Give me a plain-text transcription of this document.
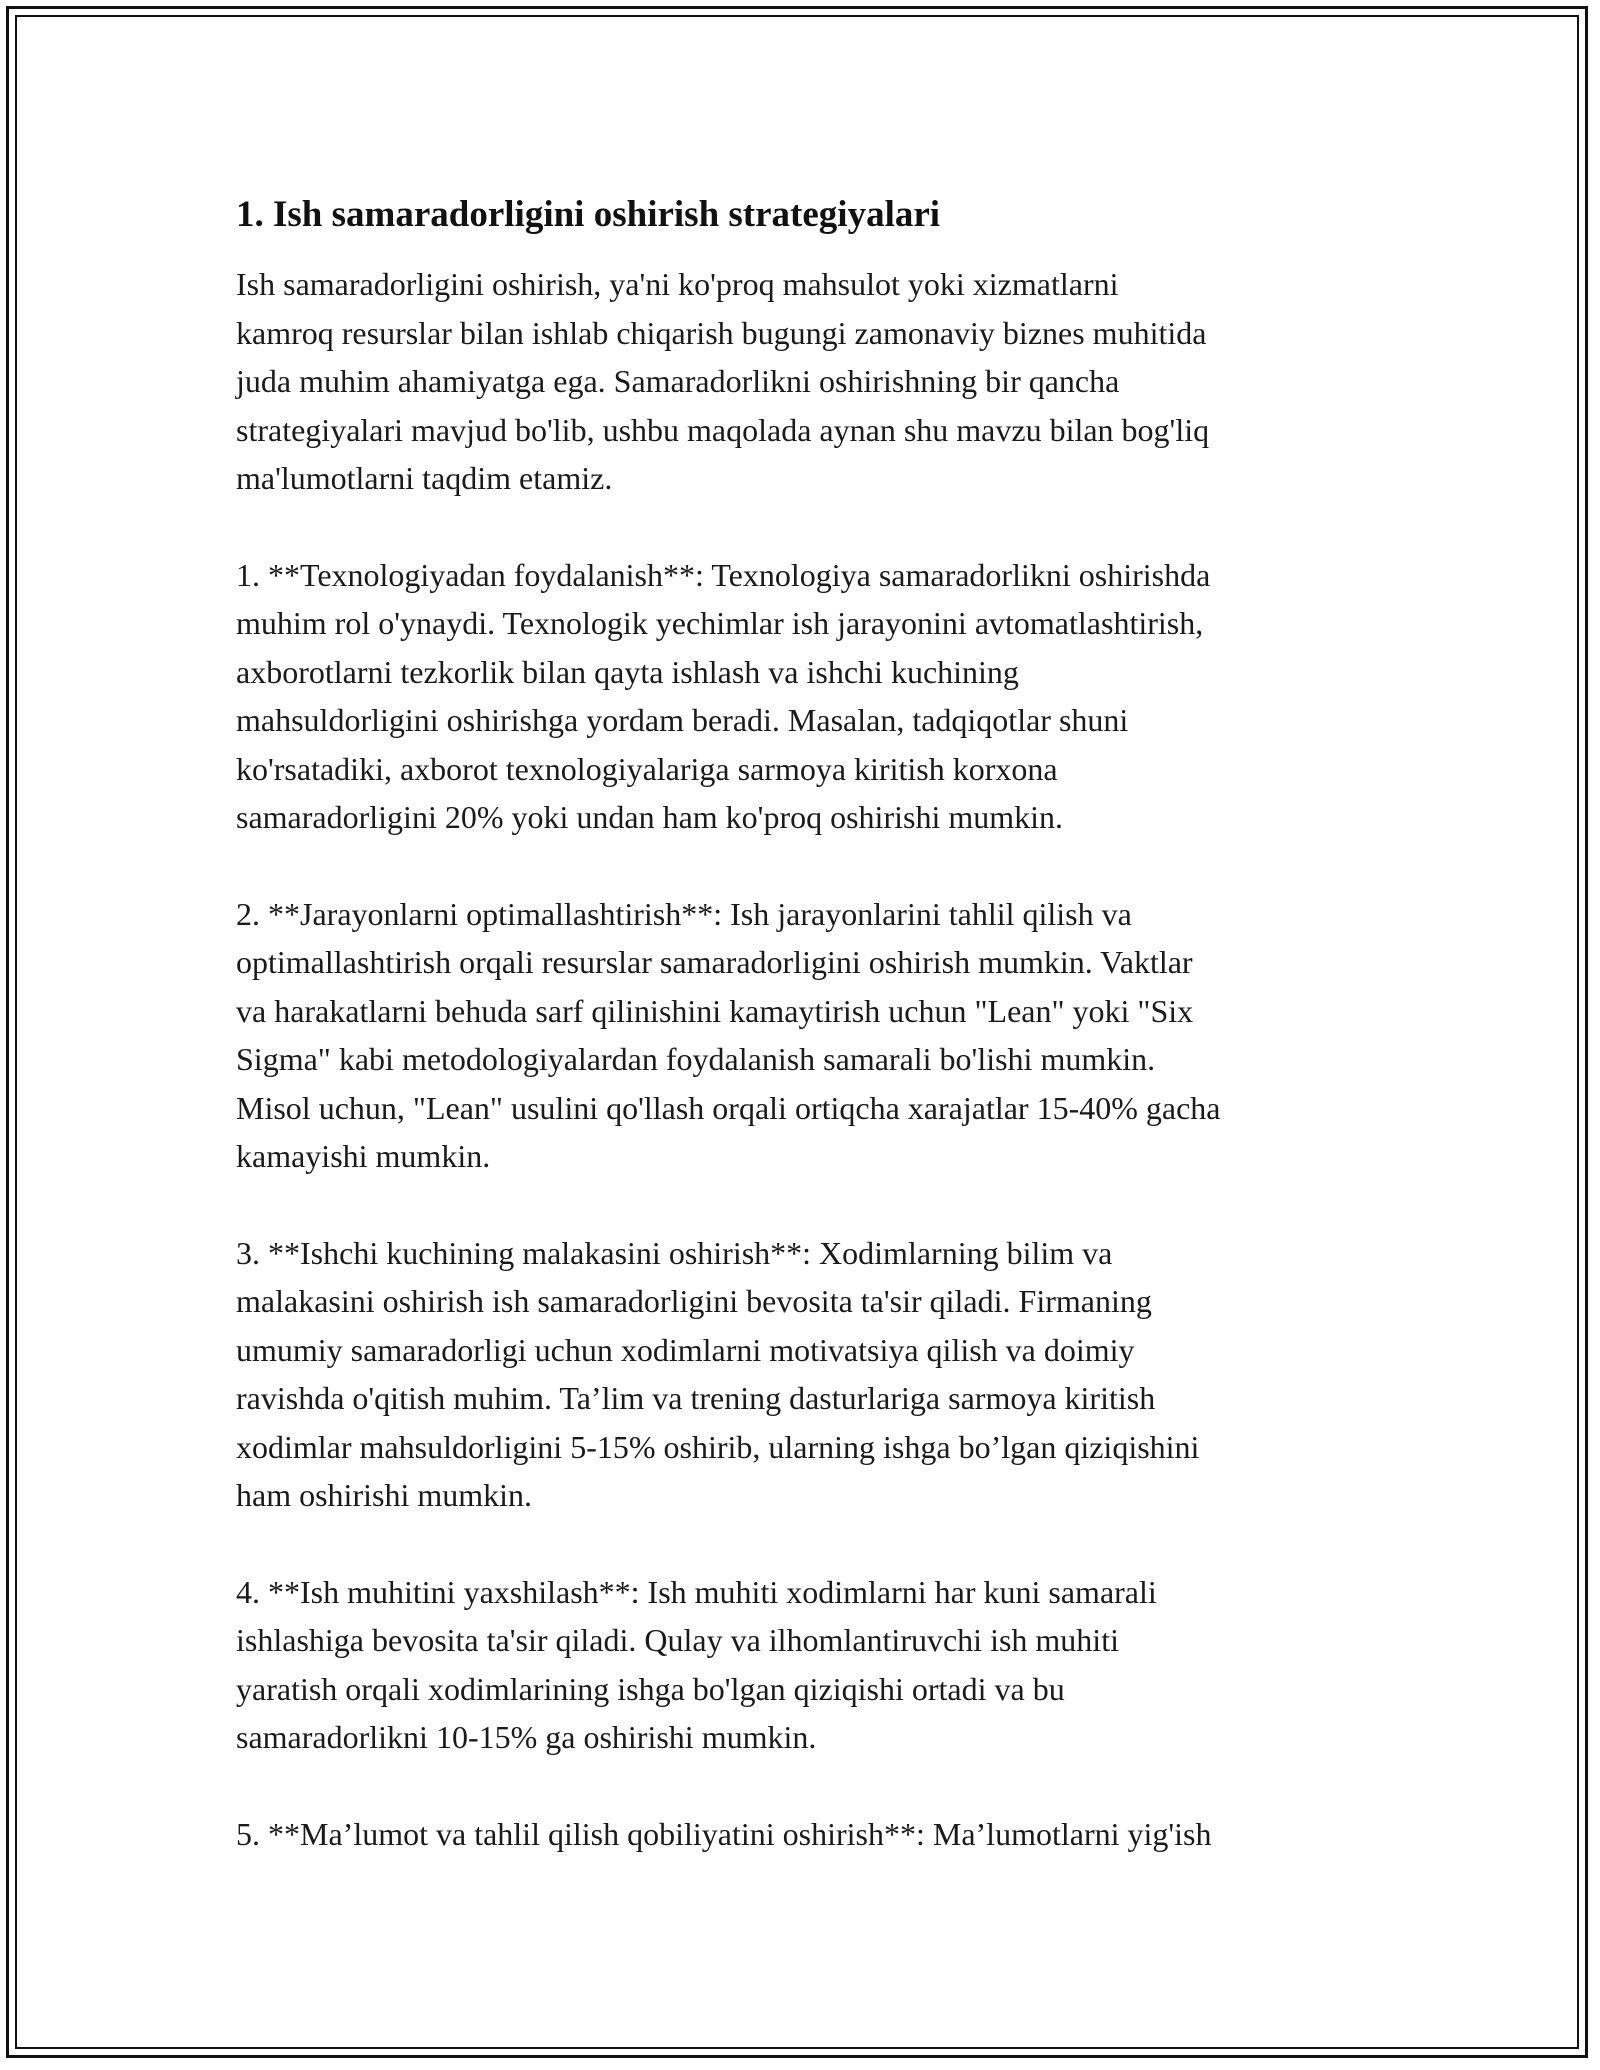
1. Ish samaradorligini oshirish strategiyalari

Ish samaradorligini oshirish, ya'ni ko'proq mahsulot yoki xizmatlarni
kamroq resurslar bilan ishlab chiqarish bugungi zamonaviy biznes muhitida
juda muhim ahamiyatga ega. Samaradorlikni oshirishning bir qancha
strategiyalari mavjud bo'lib, ushbu maqolada aynan shu mavzu bilan bog'liq
ma'lumotlarni taqdim etamiz.

1. **Texnologiyadan foydalanish**: Texnologiya samaradorlikni oshirishda
muhim rol o'ynaydi. Texnologik yechimlar ish jarayonini avtomatlashtirish,
axborotlarni tezkorlik bilan qayta ishlash va ishchi kuchining
mahsuldorligini oshirishga yordam beradi. Masalan, tadqiqotlar shuni
ko'rsatadiki, axborot texnologiyalariga sarmoya kiritish korxona
samaradorligini 20% yoki undan ham ko'proq oshirishi mumkin.

2. **Jarayonlarni optimallashtirish**: Ish jarayonlarini tahlil qilish va
optimallashtirish orqali resurslar samaradorligini oshirish mumkin. Vaktlar
va harakatlarni behuda sarf qilinishini kamaytirish uchun "Lean" yoki "Six
Sigma" kabi metodologiyalardan foydalanish samarali bo'lishi mumkin.
Misol uchun, "Lean" usulini qo'llash orqali ortiqcha xarajatlar 15-40% gacha
kamayishi mumkin.

3. **Ishchi kuchining malakasini oshirish**: Xodimlarning bilim va
malakasini oshirish ish samaradorligini bevosita ta'sir qiladi. Firmaning
umumiy samaradorligi uchun xodimlarni motivatsiya qilish va doimiy
ravishda o'qitish muhim. Ta’lim va trening dasturlariga sarmoya kiritish
xodimlar mahsuldorligini 5-15% oshirib, ularning ishga bo’lgan qiziqishini
ham oshirishi mumkin.

4. **Ish muhitini yaxshilash**: Ish muhiti xodimlarni har kuni samarali
ishlashiga bevosita ta'sir qiladi. Qulay va ilhomlantiruvchi ish muhiti
yaratish orqali xodimlarining ishga bo'lgan qiziqishi ortadi va bu
samaradorlikni 10-15% ga oshirishi mumkin.

5. **Ma’lumot va tahlil qilish qobiliyatini oshirish**: Ma’lumotlarni yig'ish
